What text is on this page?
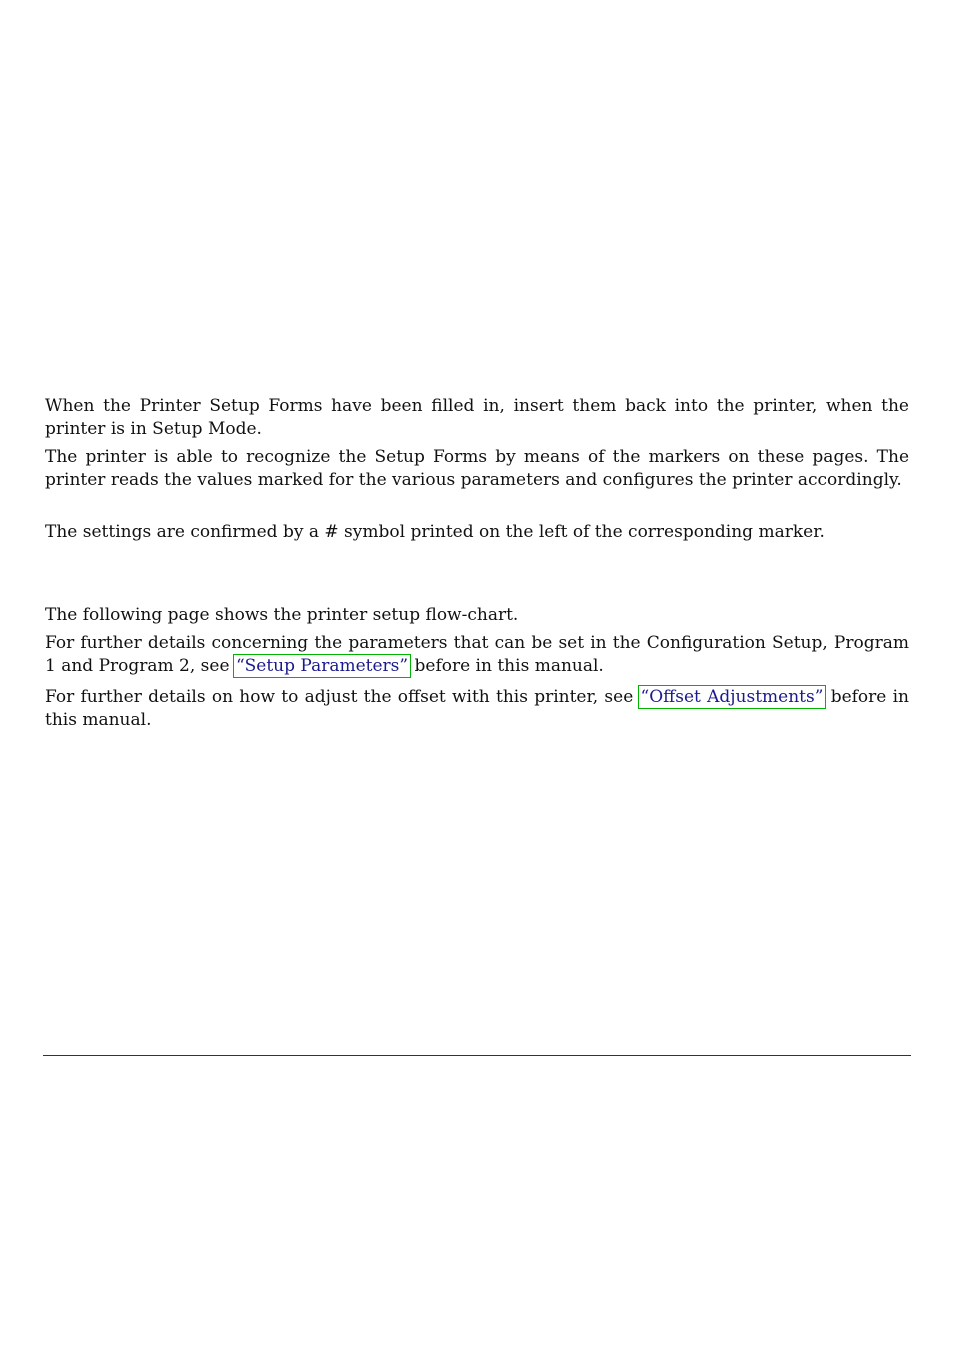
When the Printer Setup Forms have been filled in, insert them back into the printer, when the printer is in Setup Mode.

The printer is able to recognize the Setup Forms by means of the markers on these pages. The printer reads the values marked for the various parameters and configures the printer accordingly.

The settings are confirmed by a # symbol printed on the left of the corresponding marker.

The following page shows the printer setup flow-chart.

For further details concerning the parameters that can be set in the Configuration Setup, Program 1 and Program 2, see “Setup Parameters” before in this manual.

For further details on how to adjust the offset with this printer, see “Offset Adjustments” before in this manual.
